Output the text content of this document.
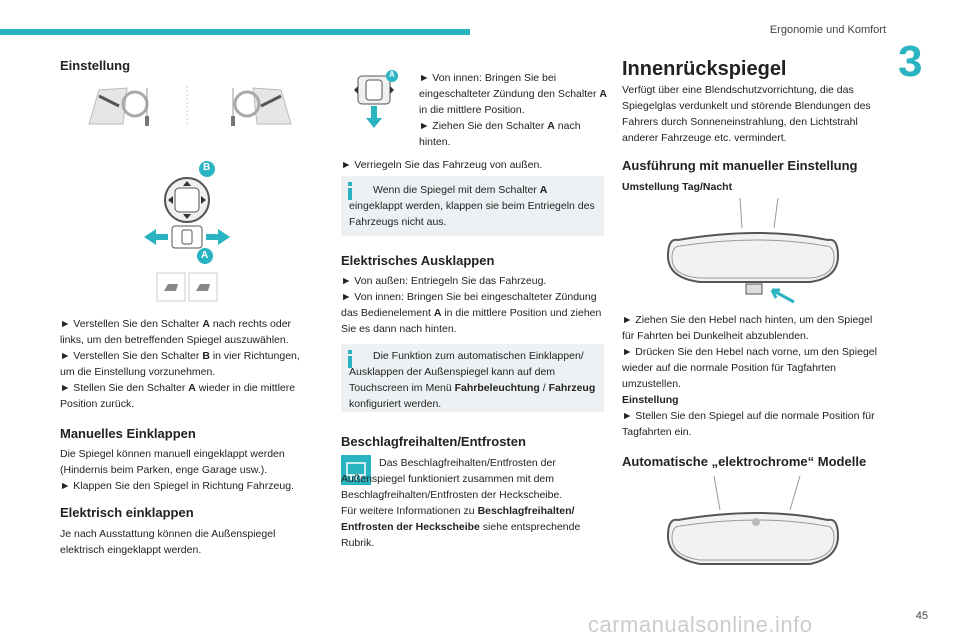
Ergonomie und Komfort
3
Einstellung
B
A
► Verstellen Sie den Schalter A nach rechts oder links, um den betreffenden Spiegel auszuwählen.
► Verstellen Sie den Schalter B in vier Richtungen, um die Einstellung vorzunehmen.
► Stellen Sie den Schalter A wieder in die mittlere Position zurück.
Manuelles Einklappen
Die Spiegel können manuell eingeklappt werden (Hindernis beim Parken, enge Garage usw.).
► Klappen Sie den Spiegel in Richtung Fahrzeug.
Elektrisch einklappen
Je nach Ausstattung können die Außenspiegel elektrisch eingeklappt werden.
A ► Von innen: Bringen Sie bei eingeschalteter Zündung den Schalter A in die mittlere Position.
► Ziehen Sie den Schalter A nach hinten.
► Verriegeln Sie das Fahrzeug von außen.
Wenn die Spiegel mit dem Schalter A eingeklappt werden, klappen sie beim Entriegeln des Fahrzeugs nicht aus.
Elektrisches Ausklappen
► Von außen: Entriegeln Sie das Fahrzeug.
► Von innen: Bringen Sie bei eingeschalteter Zündung das Bedienelement A in die mittlere Position und ziehen Sie es dann nach hinten.
Die Funktion zum automatischen Einklappen/ Ausklappen der Außenspiegel kann auf dem Touchscreen im Menü Fahrbeleuchtung / Fahrzeug konfiguriert werden.
Beschlagfreihalten/Entfrosten
Das Beschlagfreihalten/Entfrosten der Außenspiegel funktioniert zusammen mit dem Beschlagfreihalten/Entfrosten der Heckscheibe.
Für weitere Informationen zu Beschlagfreihalten/ Entfrosten der Heckscheibe siehe entsprechende Rubrik.
Innenrückspiegel
Verfügt über eine Blendschutzvorrichtung, die das Spiegelglas verdunkelt und störende Blendungen des Fahrers durch Sonneneinstrahlung, den Lichtstrahl anderer Fahrzeuge etc. vermindert.
Ausführung mit manueller Einstellung
Umstellung Tag/Nacht
► Ziehen Sie den Hebel nach hinten, um den Spiegel für Fahrten bei Dunkelheit abzublenden.
► Drücken Sie den Hebel nach vorne, um den Spiegel wieder auf die normale Position für Tagfahrten umzustellen.
Einstellung
► Stellen Sie den Spiegel auf die normale Position für Tagfahrten ein.
Automatische „elektrochrome“ Modelle
carmanualsonline.info	45
